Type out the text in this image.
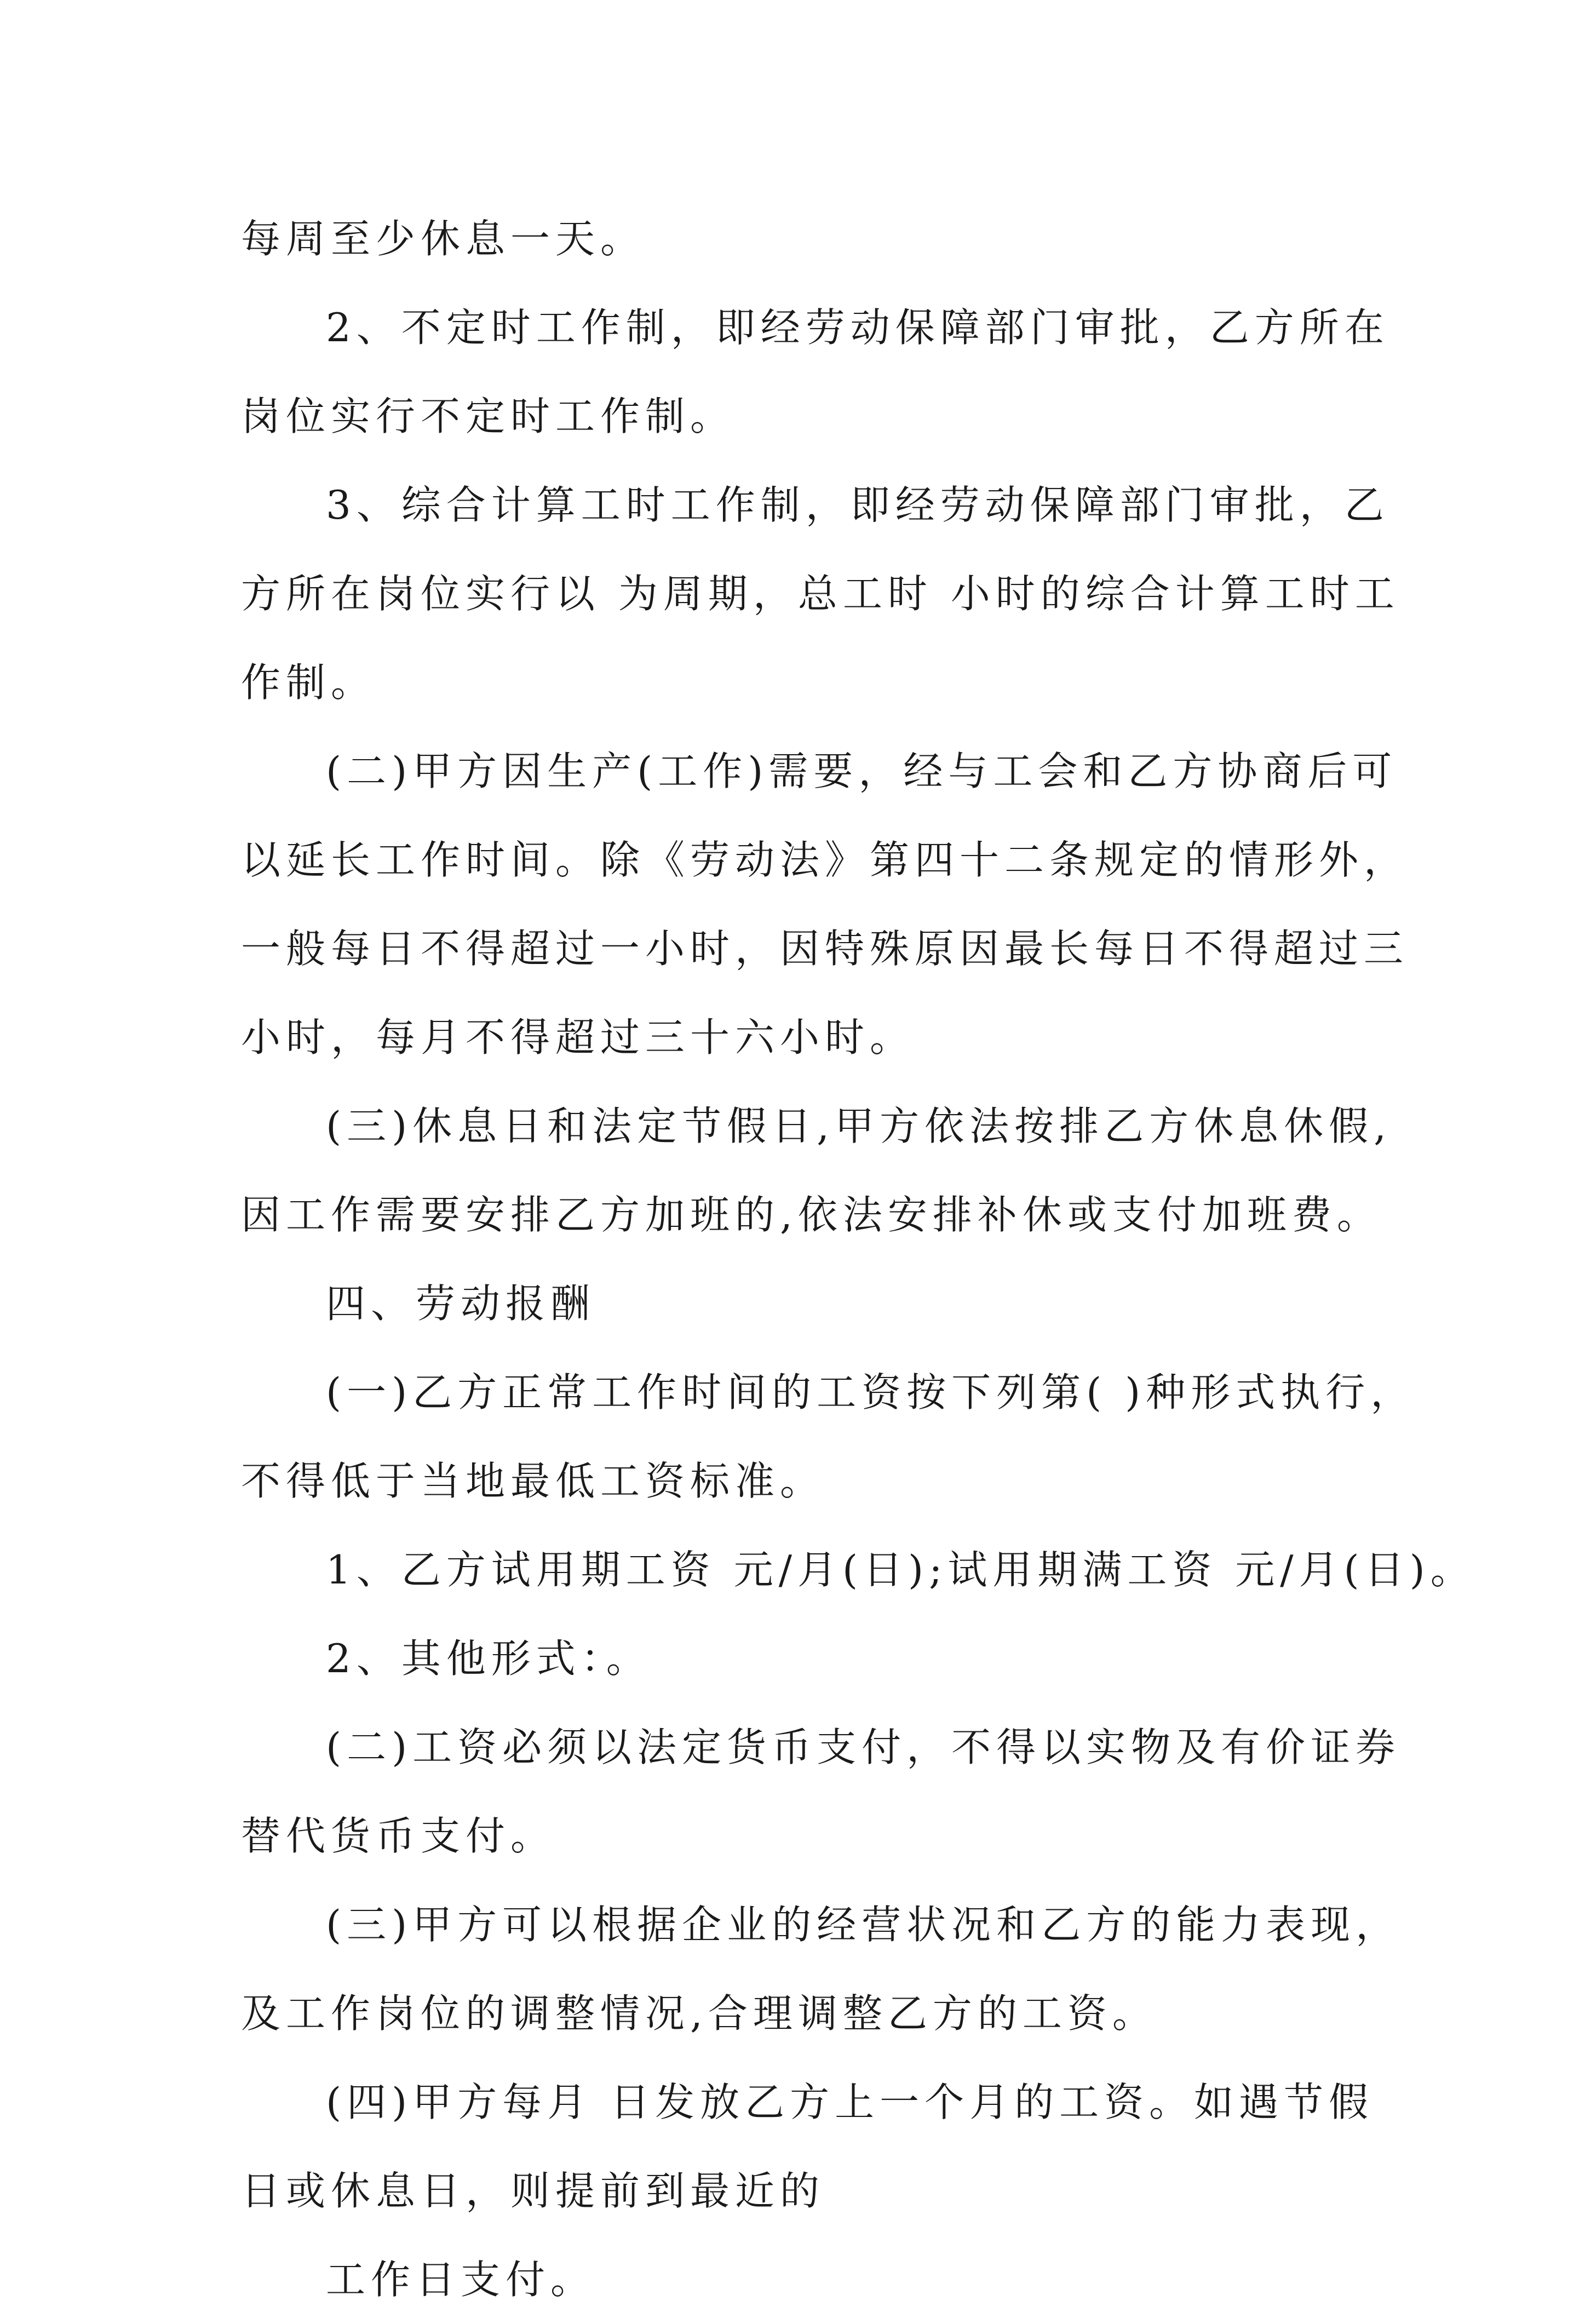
每周至少休息一天。
2、不定时工作制，即经劳动保障部门审批，乙方所在
岗位实行不定时工作制。
3、综合计算工时工作制，即经劳动保障部门审批，乙
方所在岗位实行以 为周期，总工时 小时的综合计算工时工
作制。
(二)甲方因生产(工作)需要，经与工会和乙方协商后可
以延长工作时间。除《劳动法》第四十二条规定的情形外，
一般每日不得超过一小时，因特殊原因最长每日不得超过三
小时，每月不得超过三十六小时。
(三)休息日和法定节假日,甲方依法按排乙方休息休假,
因工作需要安排乙方加班的,依法安排补休或支付加班费。
四、劳动报酬
(一)乙方正常工作时间的工资按下列第( )种形式执行，
不得低于当地最低工资标准。
1、乙方试用期工资 元/月(日);试用期满工资 元/月(日)。
2、其他形式：。
(二)工资必须以法定货币支付，不得以实物及有价证券
替代货币支付。
(三)甲方可以根据企业的经营状况和乙方的能力表现，
及工作岗位的调整情况,合理调整乙方的工资。
(四)甲方每月 日发放乙方上一个月的工资。如遇节假
日或休息日，则提前到最近的
工作日支付。
